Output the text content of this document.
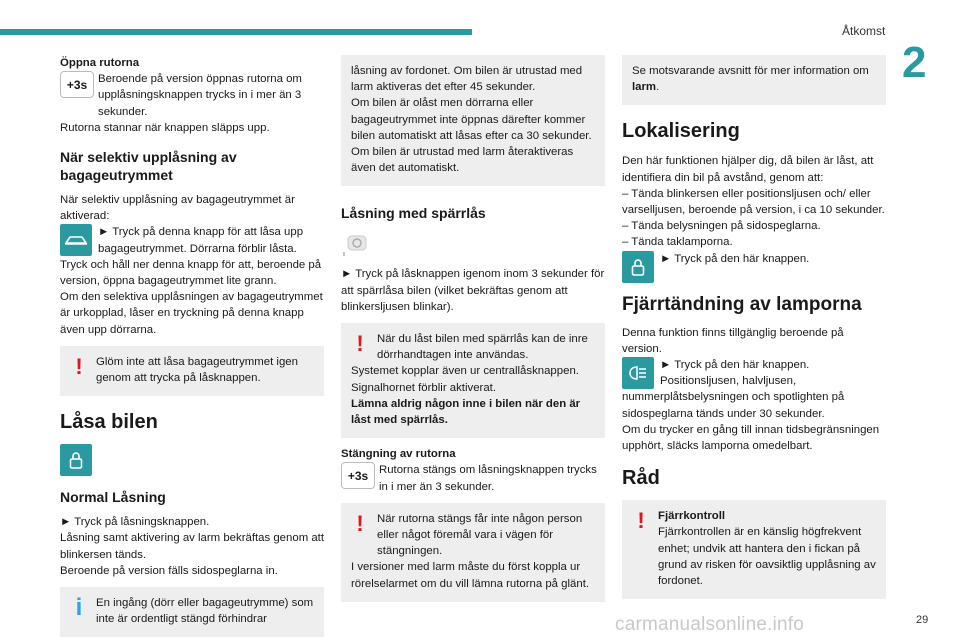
Åtkomst
2
29
carmanualsonline.info

Öppna rutorna

+3s Beroende på version öppnas rutorna om upplåsningsknappen trycks in i mer än 3 sekunder.

Rutorna stannar när knappen släpps upp.

När selektiv upplåsning av bagageutrymmet

När selektiv upplåsning av bagageutrymmet är aktiverad:

► Tryck på denna knapp för att låsa upp bagageutrymmet. Dörrarna förblir låsta.

Tryck och håll ner denna knapp för att, beroende på version, öppna bagageutrymmet lite grann.

Om den selektiva upplåsningen av bagageutrymmet är urkopplad, låser en tryckning på denna knapp även upp dörrarna.

!	Glöm inte att låsa bagageutrymmet igen genom att trycka på låsknappen.

Låsa bilen

Normal Låsning

► Tryck på låsningsknappen.

Låsning samt aktivering av larm bekräftas genom att blinkersen tänds.

Beroende på version fälls sidospeglarna in.

i	En ingång (dörr eller bagageutrymme) som inte är ordentligt stängd förhindrar

låsning av fordonet. Om bilen är utrustad med larm aktiveras det efter 45 sekunder.

Om bilen är olåst men dörrarna eller bagageutrymmet inte öppnas därefter kommer bilen automatiskt att låsas efter ca 30 sekunder. Om bilen är utrustad med larm återaktiveras även det automatiskt.

Låsning med spärrlås

► Tryck på låsknappen igenom inom 3 sekunder för att spärrlåsa bilen (vilket bekräftas genom att blinkersljusen blinkar).

!	När du låst bilen med spärrlås kan de inre dörrhandtagen inte användas.

Systemet kopplar även ur centrallåsknappen.

Signalhornet förblir aktiverat.

Lämna aldrig någon inne i bilen när den är låst med spärrlås.

Stängning av rutorna

+3s Rutorna stängs om låsningsknappen trycks in i mer än 3 sekunder.

!	När rutorna stängs får inte någon person eller något föremål vara i vägen för stängningen.

I versioner med larm måste du först koppla ur rörelselarmet om du vill lämna rutorna på glänt.

Se motsvarande avsnitt för mer information om larm.

Lokalisering

Den här funktionen hjälper dig, då bilen är låst, att identifiera din bil på avstånd, genom att:

– Tända blinkersen eller positionsljusen och/ eller varselljusen, beroende på version, i ca 10 sekunder.

– Tända belysningen på sidospeglarna.

– Tända taklamporna.

► Tryck på den här knappen.

Fjärrtändning av lamporna

Denna funktion finns tillgänglig beroende på version.

► Tryck på den här knappen. Positionsljusen, halvljusen,

nummerplåtsbelysningen och spotlighten på sidospeglarna tänds under 30 sekunder.

Om du trycker en gång till innan tidsbegränsningen upphört, släcks lamporna omedelbart.

Råd

!	Fjärrkontroll

Fjärrkontrollen är en känslig högfrekvent enhet; undvik att hantera den i fickan på grund av risken för oavsiktlig upplåsning av fordonet.
